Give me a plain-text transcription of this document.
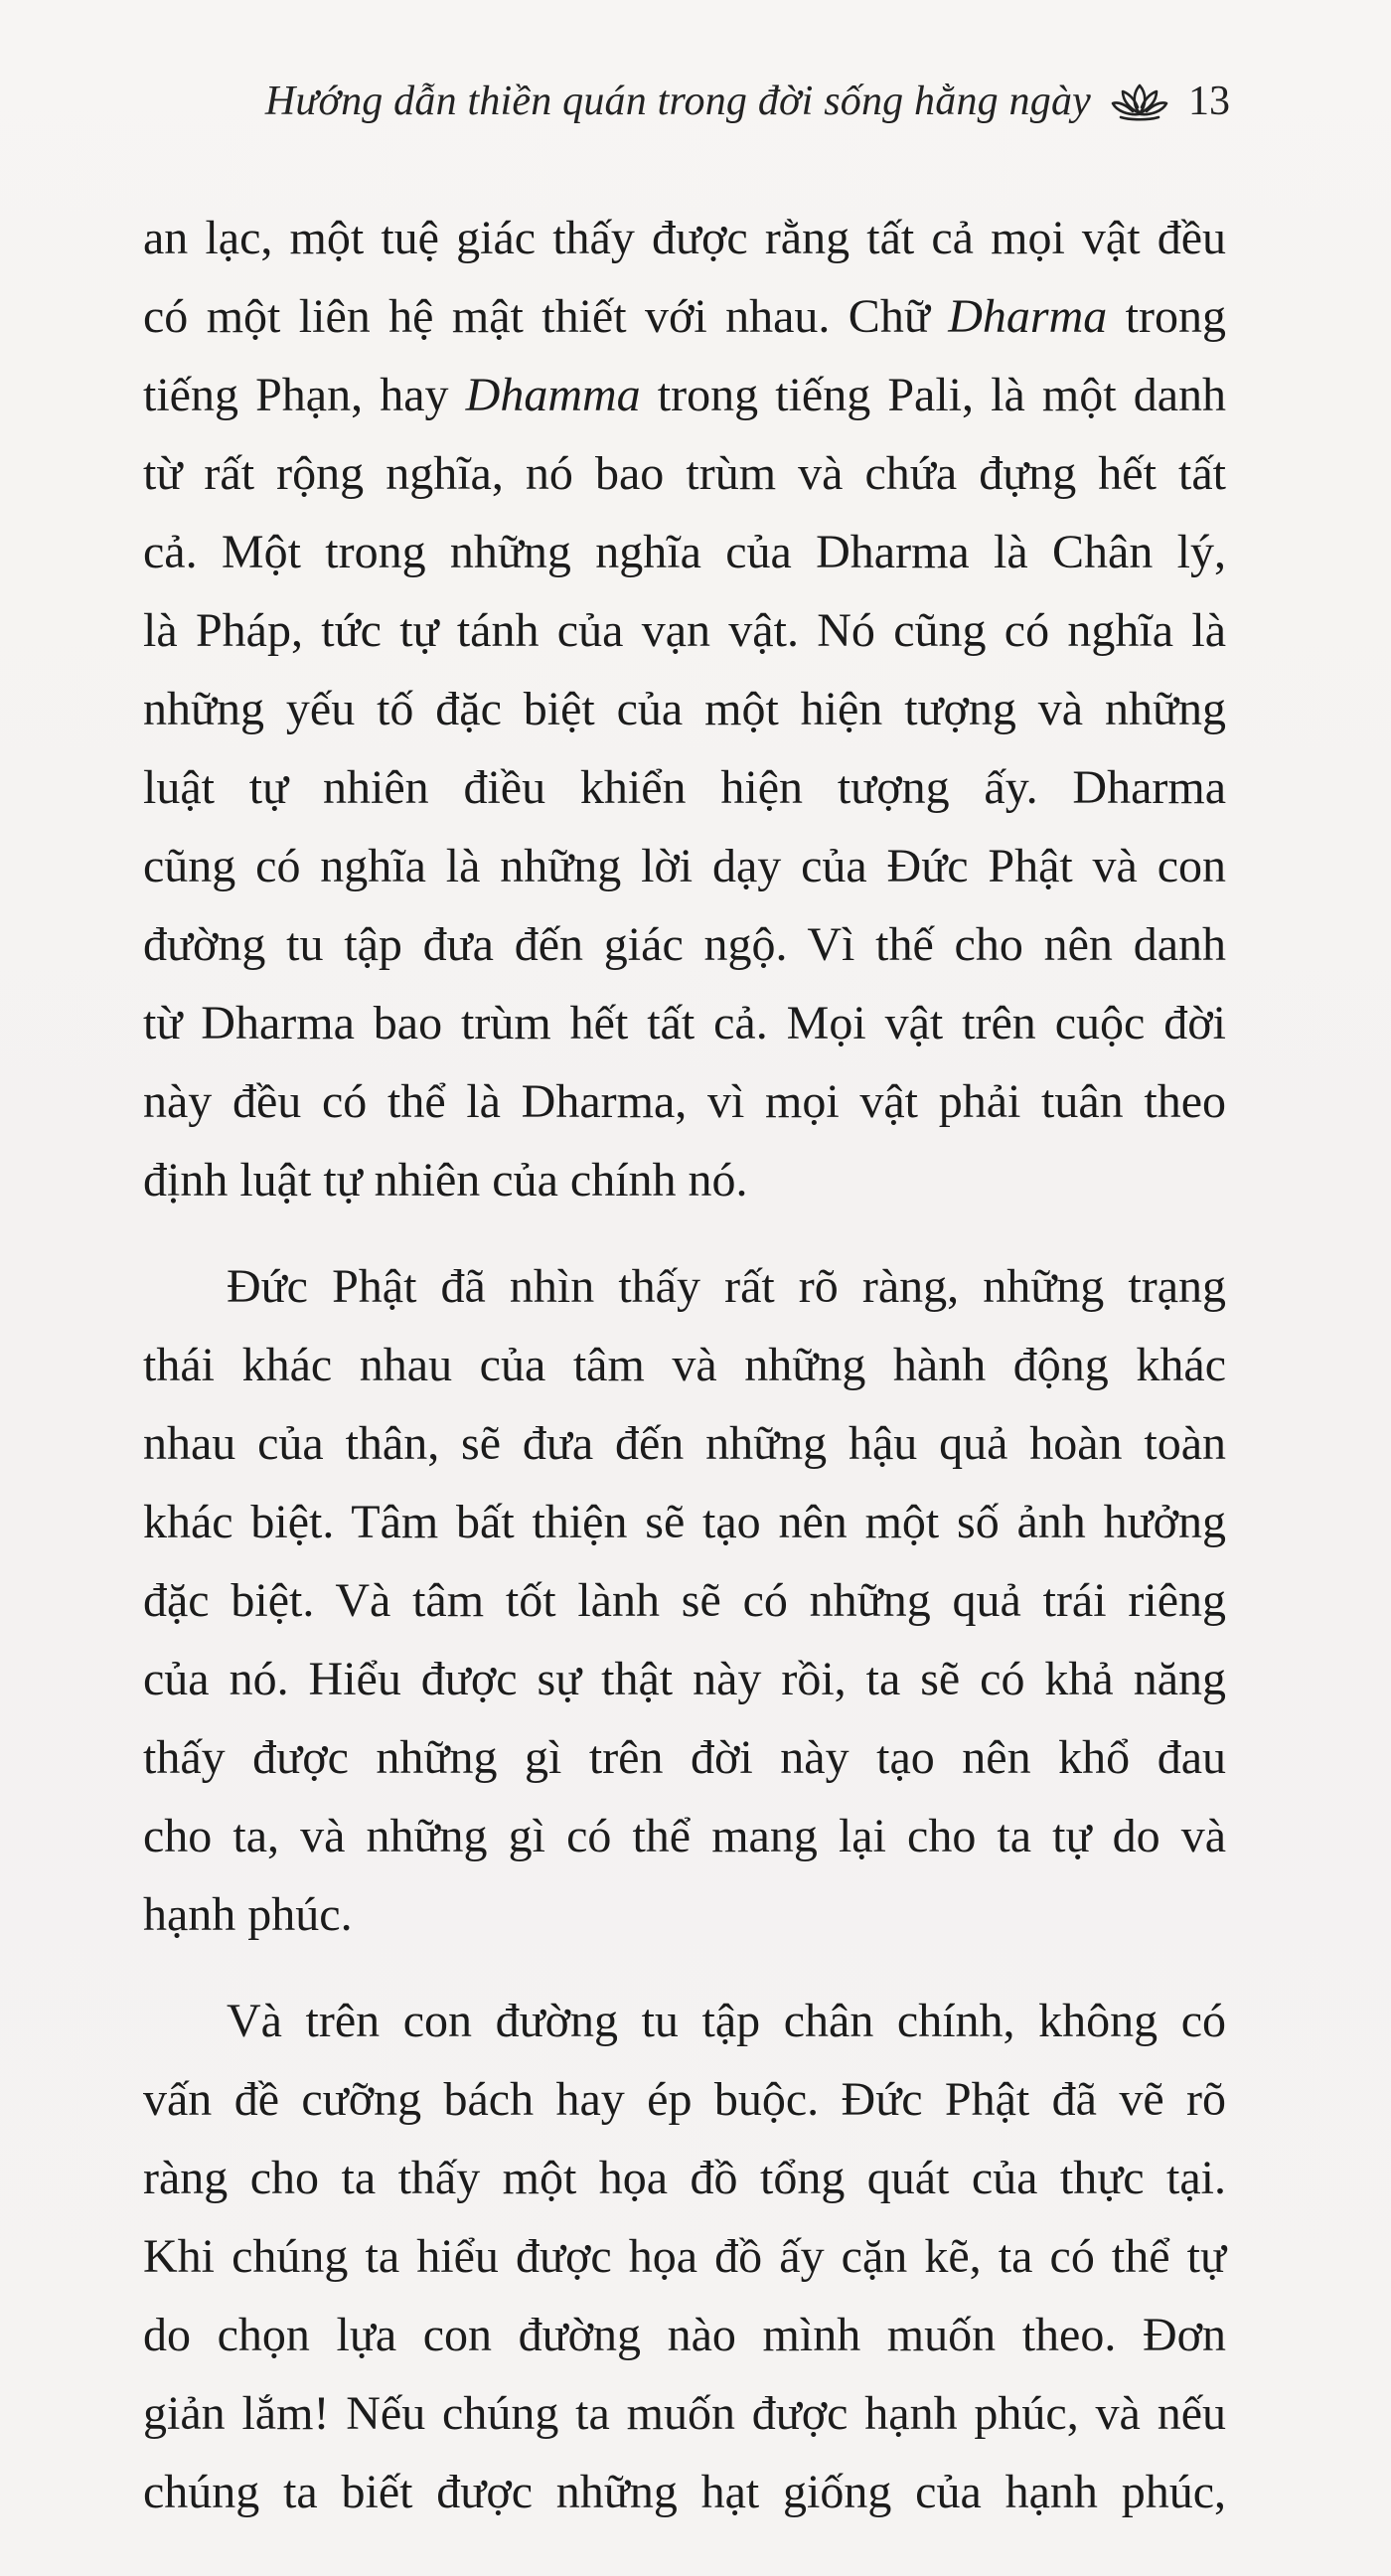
Hướng dẫn thiền quán trong đời sống hằng ngày 13

an lạc, một tuệ giác thấy được rằng tất cả mọi vật đều
có một liên hệ mật thiết với nhau. Chữ Dharma trong
tiếng Phạn, hay Dhamma trong tiếng Pali, là một danh
từ rất rộng nghĩa, nó bao trùm và chứa đựng hết tất
cả. Một trong những nghĩa của Dharma là Chân lý,
là Pháp, tức tự tánh của vạn vật. Nó cũng có nghĩa là
những yếu tố đặc biệt của một hiện tượng và những
luật tự nhiên điều khiển hiện tượng ấy. Dharma
cũng có nghĩa là những lời dạy của Đức Phật và con
đường tu tập đưa đến giác ngộ. Vì thế cho nên danh
từ Dharma bao trùm hết tất cả. Mọi vật trên cuộc đời
này đều có thể là Dharma, vì mọi vật phải tuân theo
định luật tự nhiên của chính nó.

Đức Phật đã nhìn thấy rất rõ ràng, những trạng
thái khác nhau của tâm và những hành động khác
nhau của thân, sẽ đưa đến những hậu quả hoàn toàn
khác biệt. Tâm bất thiện sẽ tạo nên một số ảnh hưởng
đặc biệt. Và tâm tốt lành sẽ có những quả trái riêng
của nó. Hiểu được sự thật này rồi, ta sẽ có khả năng
thấy được những gì trên đời này tạo nên khổ đau
cho ta, và những gì có thể mang lại cho ta tự do và
hạnh phúc.

Và trên con đường tu tập chân chính, không có
vấn đề cưỡng bách hay ép buộc. Đức Phật đã vẽ rõ
ràng cho ta thấy một họa đồ tổng quát của thực tại.
Khi chúng ta hiểu được họa đồ ấy cặn kẽ, ta có thể tự
do chọn lựa con đường nào mình muốn theo. Đơn
giản lắm! Nếu chúng ta muốn được hạnh phúc, và nếu
chúng ta biết được những hạt giống của hạnh phúc,
